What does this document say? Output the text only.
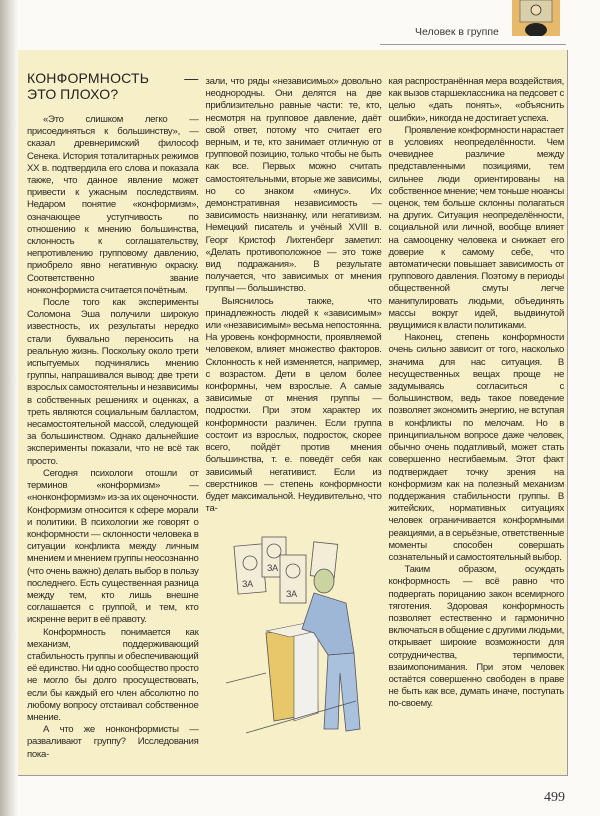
Человек в группе
КОНФОРМНОСТЬ — ЭТО ПЛОХО?

«Это слишком легко — присоединяться к большинству», — сказал древнеримский философ Сенека. История тоталитарных режимов XX в. подтвердила его слова и показала также, что данное явление может привести к ужасным последствиям. Недаром понятие «конформизм», означающее уступчивость по отношению к мнению большинства, склонность к соглашательству, непротивлению групповому давлению, приобрело явно негативную окраску. Соответственно звание нонконформиста считается почётным.

После того как эксперименты Соломона Эша получили широкую известность, их результаты нередко стали буквально переносить на реальную жизнь. Поскольку около трети испытуемых подчинялись мнению группы, напрашивался вывод: две трети взрослых самостоятельны и независимы в собственных решениях и оценках, а треть являются социальным балластом, несамостоятельной массой, следующей за большинством. Однако дальнейшие эксперименты показали, что не всё так просто.

Сегодня психологи отошли от терминов «конформизм» — «нонконформизм» из-за их оценочности. Конформизм относится к сфере морали и политики. В психологии же говорят о конформности — склонности человека в ситуации конфликта между личным мнением и мнением группы неосознанно (что очень важно) делать выбор в пользу последнего. Есть существенная разница между тем, кто лишь внешне соглашается с группой, и тем, кто искренне верит в её правоту.

Конформность понимается как механизм, поддерживающий стабильность группы и обеспечивающий её единство. Ни одно сообщество просто не могло бы долго просуществовать, если бы каждый его член абсолютно по любому вопросу отстаивал собственное мнение.

А что же нонконформисты — разваливают группу? Исследования пока-

зали, что ряды «независимых» довольно неоднородны. Они делятся на две приблизительно равные части: те, кто, несмотря на групповое давление, даёт свой ответ, потому что считает его верным, и те, кто занимает отличную от групповой позицию, только чтобы не быть как все. Первых можно считать самостоятельными, вторые же зависимы, но со знаком «минус». Их демонстративная независимость — зависимость наизнанку, или негативизм. Немецкий писатель и учёный XVIII в. Георг Кристоф Лихтенберг заметил: «Делать противоположное — это тоже вид подражания». В результате получается, что зависимых от мнения группы — большинство.

Выяснилось также, что принадлежность людей к «зависимым» или «независимым» весьма непостоянна. На уровень конформности, проявляемой человеком, влияет множество факторов. Склонность к ней изменяется, например, с возрастом. Дети в целом более конформны, чем взрослые. А самые зависимые от мнения группы — подростки. При этом характер их конформности различен. Если группа состоит из взрослых, подросток, скорее всего, пойдёт против мнения большинства, т. е. поведёт себя как зависимый негативист. Если из сверстников — степень конформности будет максимальной. Неудивительно, что та-

ЗА
ЗА
ЗА

кая распространённая мера воздействия, как вызов старшеклассника на педсовет с целью «дать понять», «объяснить ошибки», никогда не достигает успеха.

Проявление конформности нарастает в условиях неопределённости. Чем очевиднее различие между представленными позициями, тем сильнее люди ориентированы на собственное мнение; чем тоньше нюансы оценок, тем больше склонны полагаться на других. Ситуация неопределённости, социальной или личной, вообще влияет на самооценку человека и снижает его доверие к самому себе, что автоматически повышает зависимость от группового давления. Поэтому в периоды общественной смуты легче манипулировать людьми, объединять массы вокруг идей, выдвинутой рвущимися к власти политиками.

Наконец, степень конформности очень сильно зависит от того, насколько значима для нас ситуация. В несущественных вещах проще не задумываясь согласиться с большинством, ведь такое поведение позволяет экономить энергию, не вступая в конфликты по мелочам. Но в принципиальном вопросе даже человек, обычно очень податливый, может стать совершенно несгибаемым. Этот факт подтверждает точку зрения на конформизм как на полезный механизм поддержания стабильности группы. В житейских, нормативных ситуациях человек ограничивается конформными реакциями, а в серьёзные, ответственные моменты способен совершать сознательный и самостоятельный выбор.

Таким образом, осуждать конформность — всё равно что подвергать порицанию закон всемирного тяготения. Здоровая конформность позволяет естественно и гармонично включаться в общение с другими людьми, открывает широкие возможности для сотрудничества, терпимости, взаимопонимания. При этом человек остаётся совершенно свободен в праве не быть как все, думать иначе, поступать по-своему.

499
